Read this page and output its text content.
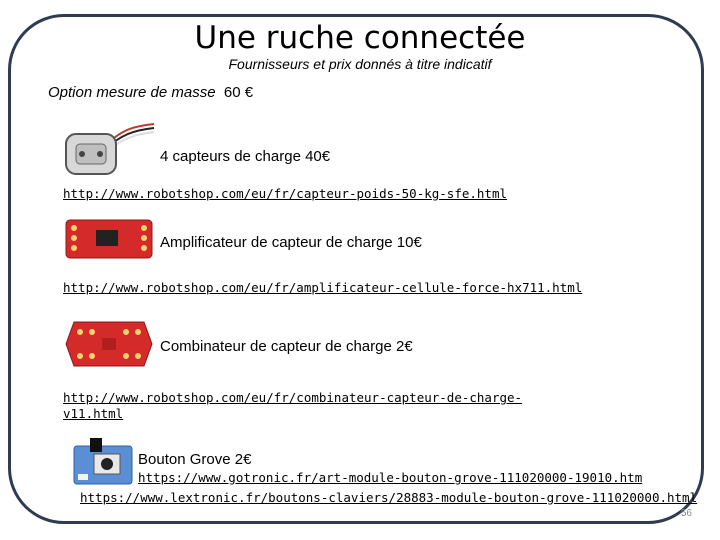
Une ruche connectée
Fournisseurs et prix donnés à titre indicatif
Option mesure de masse 60 €
4 capteurs de charge 40€
http://www.robotshop.com/eu/fr/capteur-poids-50-kg-sfe.html
Amplificateur de capteur de charge 10€
http://www.robotshop.com/eu/fr/amplificateur-cellule-force-hx711.html
Combinateur de capteur de charge 2€
http://www.robotshop.com/eu/fr/combinateur-capteur-de-charge-
v11.html
Bouton Grove 2€
https://www.gotronic.fr/art-module-bouton-grove-111020000-19010.htm
https://www.lextronic.fr/boutons-claviers/28883-module-bouton-grove-111020000.html
56
